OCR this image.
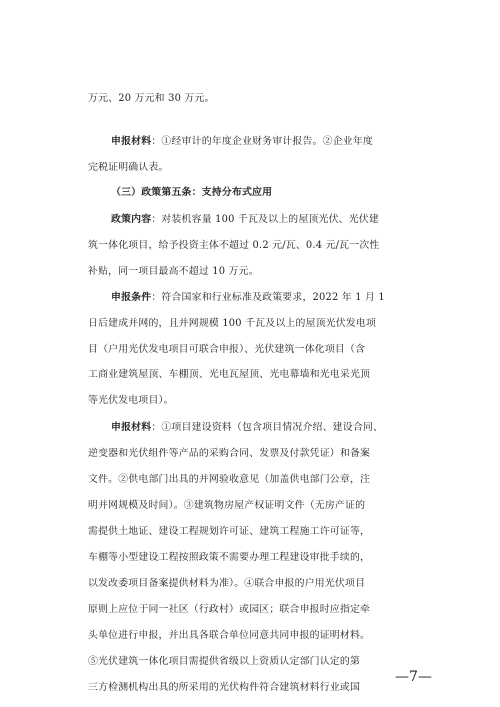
万元、20 万元和 30 万元。
申报材料：①经审计的年度企业财务审计报告。②企业年度
完税证明确认表。
（三）政策第五条：支持分布式应用
政策内容：对装机容量 100 千瓦及以上的屋顶光伏、光伏建
筑一体化项目，给予投资主体不超过 0.2 元/瓦、0.4 元/瓦一次性
补贴，同一项目最高不超过 10 万元。
申报条件：符合国家和行业标准及政策要求，2022 年 1 月 1
日后建成并网的，且并网规模 100 千瓦及以上的屋顶光伏发电项
目（户用光伏发电项目可联合申报）、光伏建筑一体化项目（含
工商业建筑屋顶、车棚顶、光电瓦屋顶、光电幕墙和光电采光顶
等光伏发电项目）。
申报材料：①项目建设资料（包含项目情况介绍、建设合同、
逆变器和光伏组件等产品的采购合同、发票及付款凭证）和备案
文件。②供电部门出具的并网验收意见（加盖供电部门公章，注
明并网规模及时间）。③建筑物房屋产权证明文件（无房产证的
需提供土地证、建设工程规划许可证、建筑工程施工许可证等，
车棚等小型建设工程按照政策不需要办理工程建设审批手续的，
以发改委项目备案提供材料为准）。④联合申报的户用光伏项目
原则上应位于同一社区（行政村）或园区；联合申报时应指定牵
头单位进行申报，并出具各联合单位同意共同申报的证明材料。
⑤光伏建筑一体化项目需提供省级以上资质认定部门认定的第
三方检测机构出具的所采用的光伏构件符合建筑材料行业或国
—7—
